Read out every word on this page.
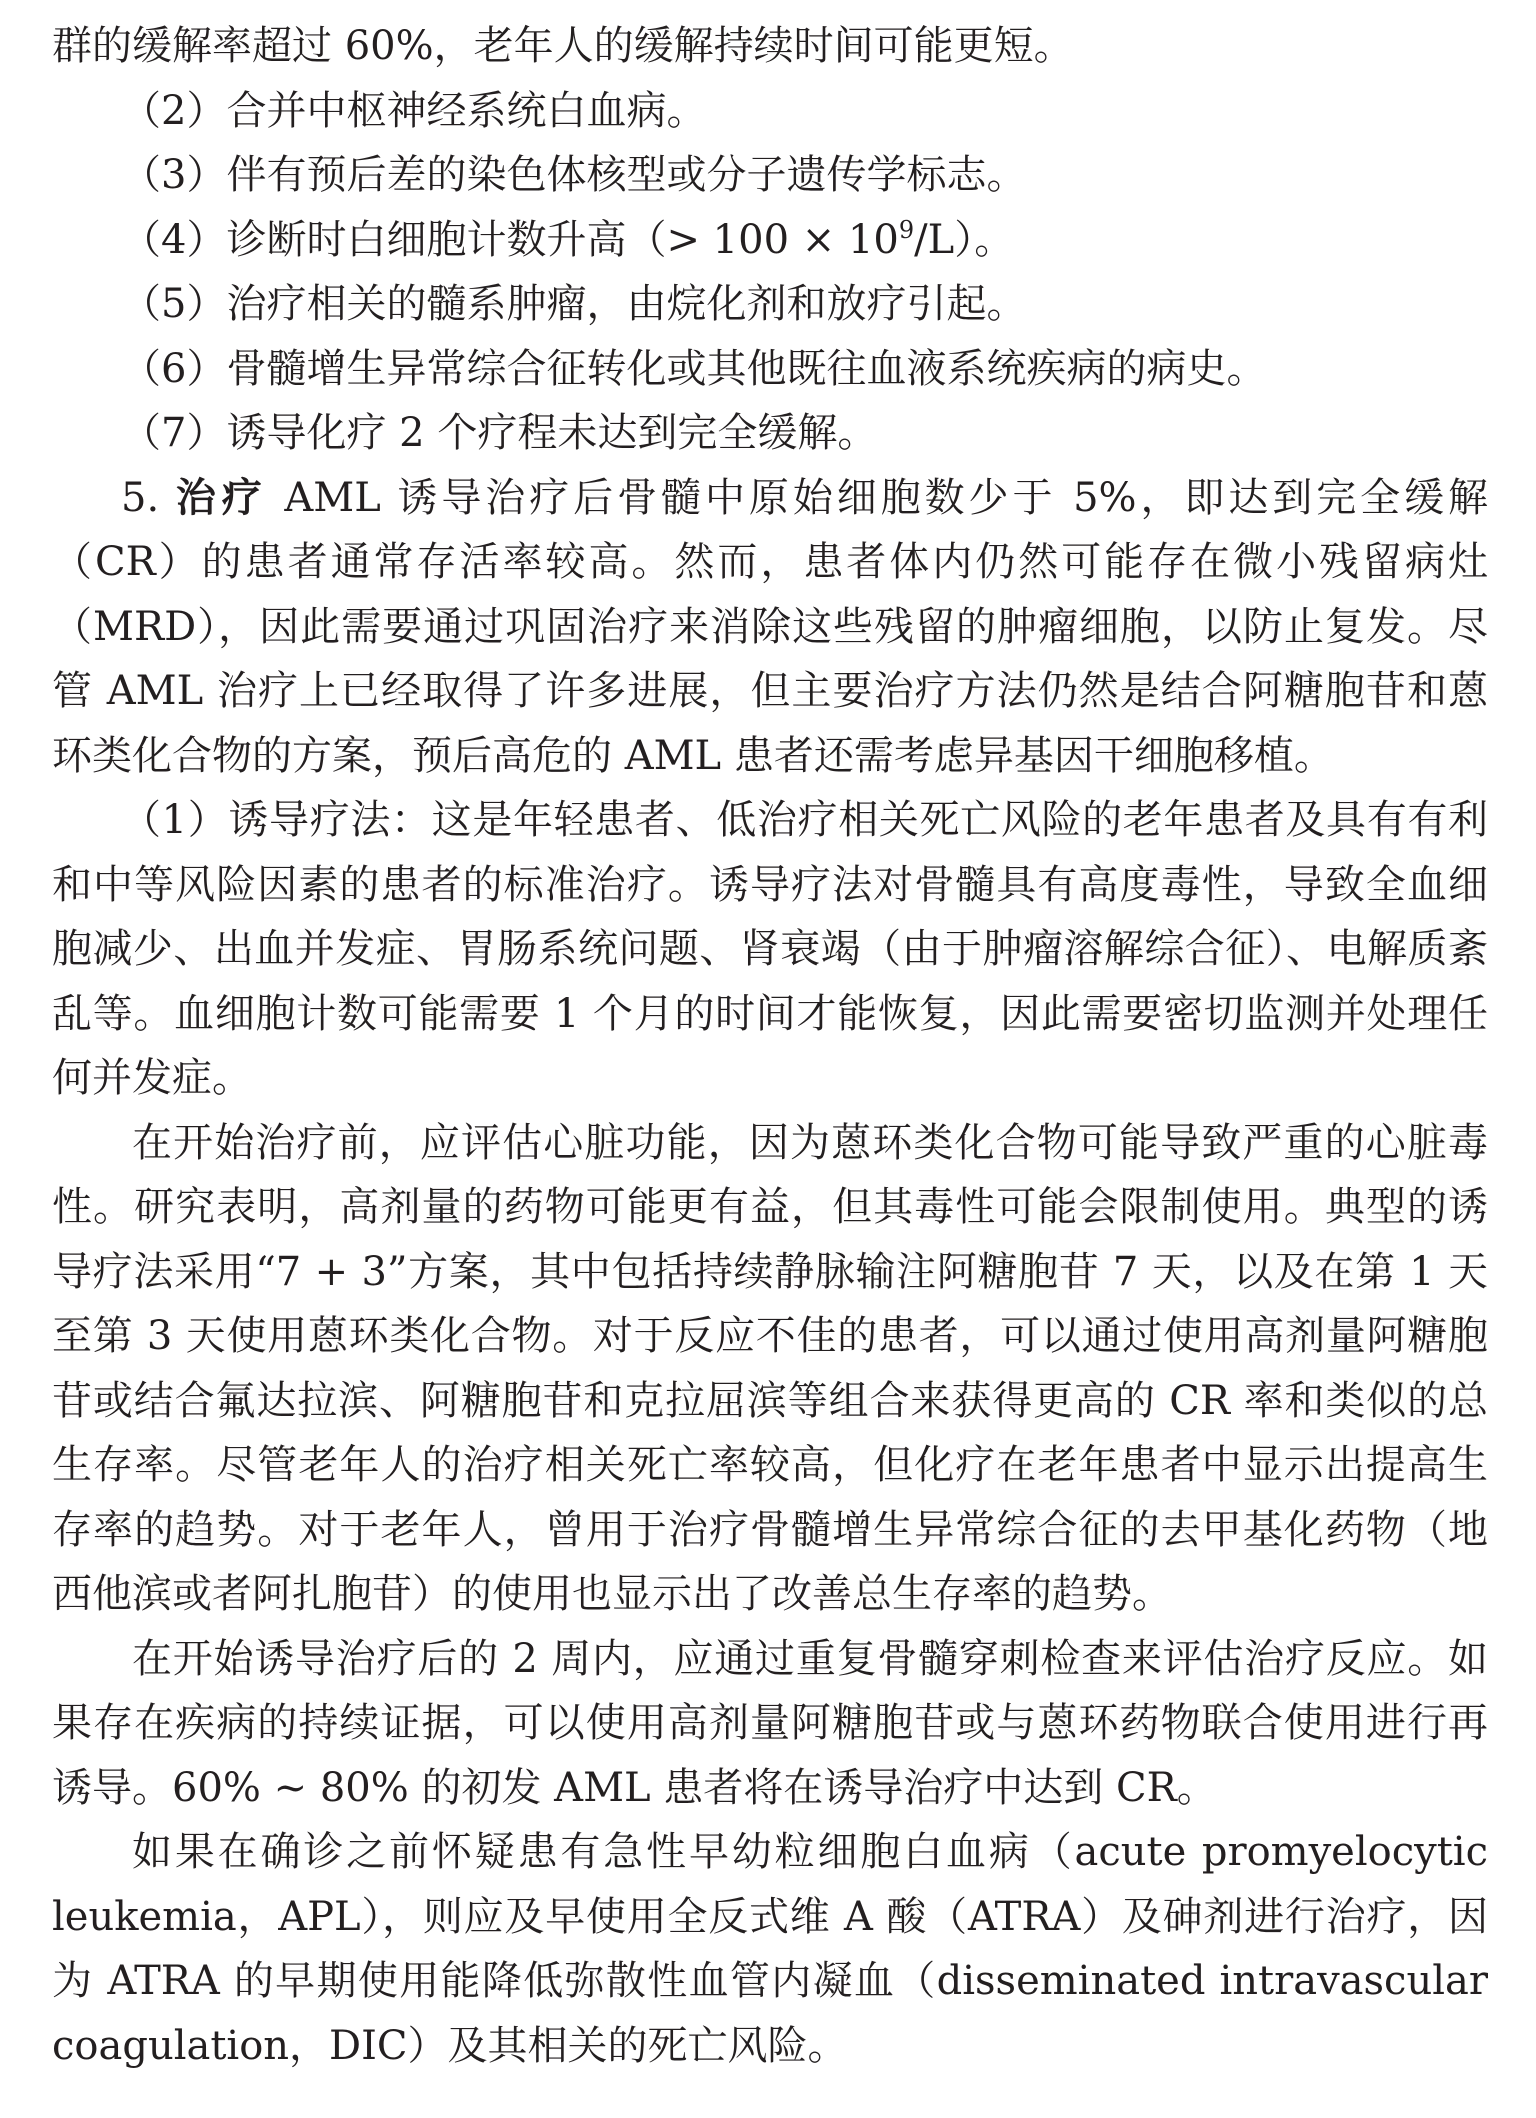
群的缓解率超过 60%，老年人的缓解持续时间可能更短。

（2）合并中枢神经系统白血病。

（3）伴有预后差的染色体核型或分子遗传学标志。

（4）诊断时白细胞计数升高（> $100 \times 10^9/L$）。

（5）治疗相关的髓系肿瘤，由烷化剂和放疗引起。

（6）骨髓增生异常综合征转化或其他既往血液系统疾病的病史。

（7）诱导化疗 2 个疗程未达到完全缓解。

5. 治疗 AML 诱导治疗后骨髓中原始细胞数少于 5%，即达到完全缓解（CR）的患者通常存活率较高。然而，患者体内仍然可能存在微小残留病灶（MRD），因此需要通过巩固治疗来消除这些残留的肿瘤细胞，以防止复发。尽管 AML 治疗上已经取得了许多进展，但主要治疗方法仍然是结合阿糖胞苷和蒽环类化合物的方案，预后高危的 AML 患者还需考虑异基因干细胞移植。

（1）诱导疗法：这是年轻患者、低治疗相关死亡风险的老年患者及具有有利和中等风险因素的患者的标准治疗。诱导疗法对骨髓具有高度毒性，导致全血细胞减少、出血并发症、胃肠系统问题、肾衰竭（由于肿瘤溶解综合征）、电解质紊乱等。血细胞计数可能需要 1 个月的时间才能恢复，因此需要密切监测并处理任何并发症。

在开始治疗前，应评估心脏功能，因为蒽环类化合物可能导致严重的心脏毒性。研究表明，高剂量的药物可能更有益，但其毒性可能会限制使用。典型的诱导疗法采用“7 + 3”方案，其中包括持续静脉输注阿糖胞苷 7 天，以及在第 1 天至第 3 天使用蒽环类化合物。对于反应不佳的患者，可以通过使用高剂量阿糖胞苷或结合氟达拉滨、阿糖胞苷和克拉屈滨等组合来获得更高的 CR 率和类似的总生存率。尽管老年人的治疗相关死亡率较高，但化疗在老年患者中显示出提高生存率的趋势。对于老年人，曾用于治疗骨髓增生异常综合征的去甲基化药物（地西他滨或者阿扎胞苷）的使用也显示出了改善总生存率的趋势。

在开始诱导治疗后的 2 周内，应通过重复骨髓穿刺检查来评估治疗反应。如果存在疾病的持续证据，可以使用高剂量阿糖胞苷或与蒽环药物联合使用进行再诱导。60% ~ 80% 的初发 AML 患者将在诱导治疗中达到 CR。

如果在确诊之前怀疑患有急性早幼粒细胞白血病（acute promyelocytic leukemia，APL），则应及早使用全反式维 A 酸（ATRA）及砷剂进行治疗，因为 ATRA 的早期使用能降低弥散性血管内凝血（disseminated intravascular coagulation，DIC）及其相关的死亡风险。
